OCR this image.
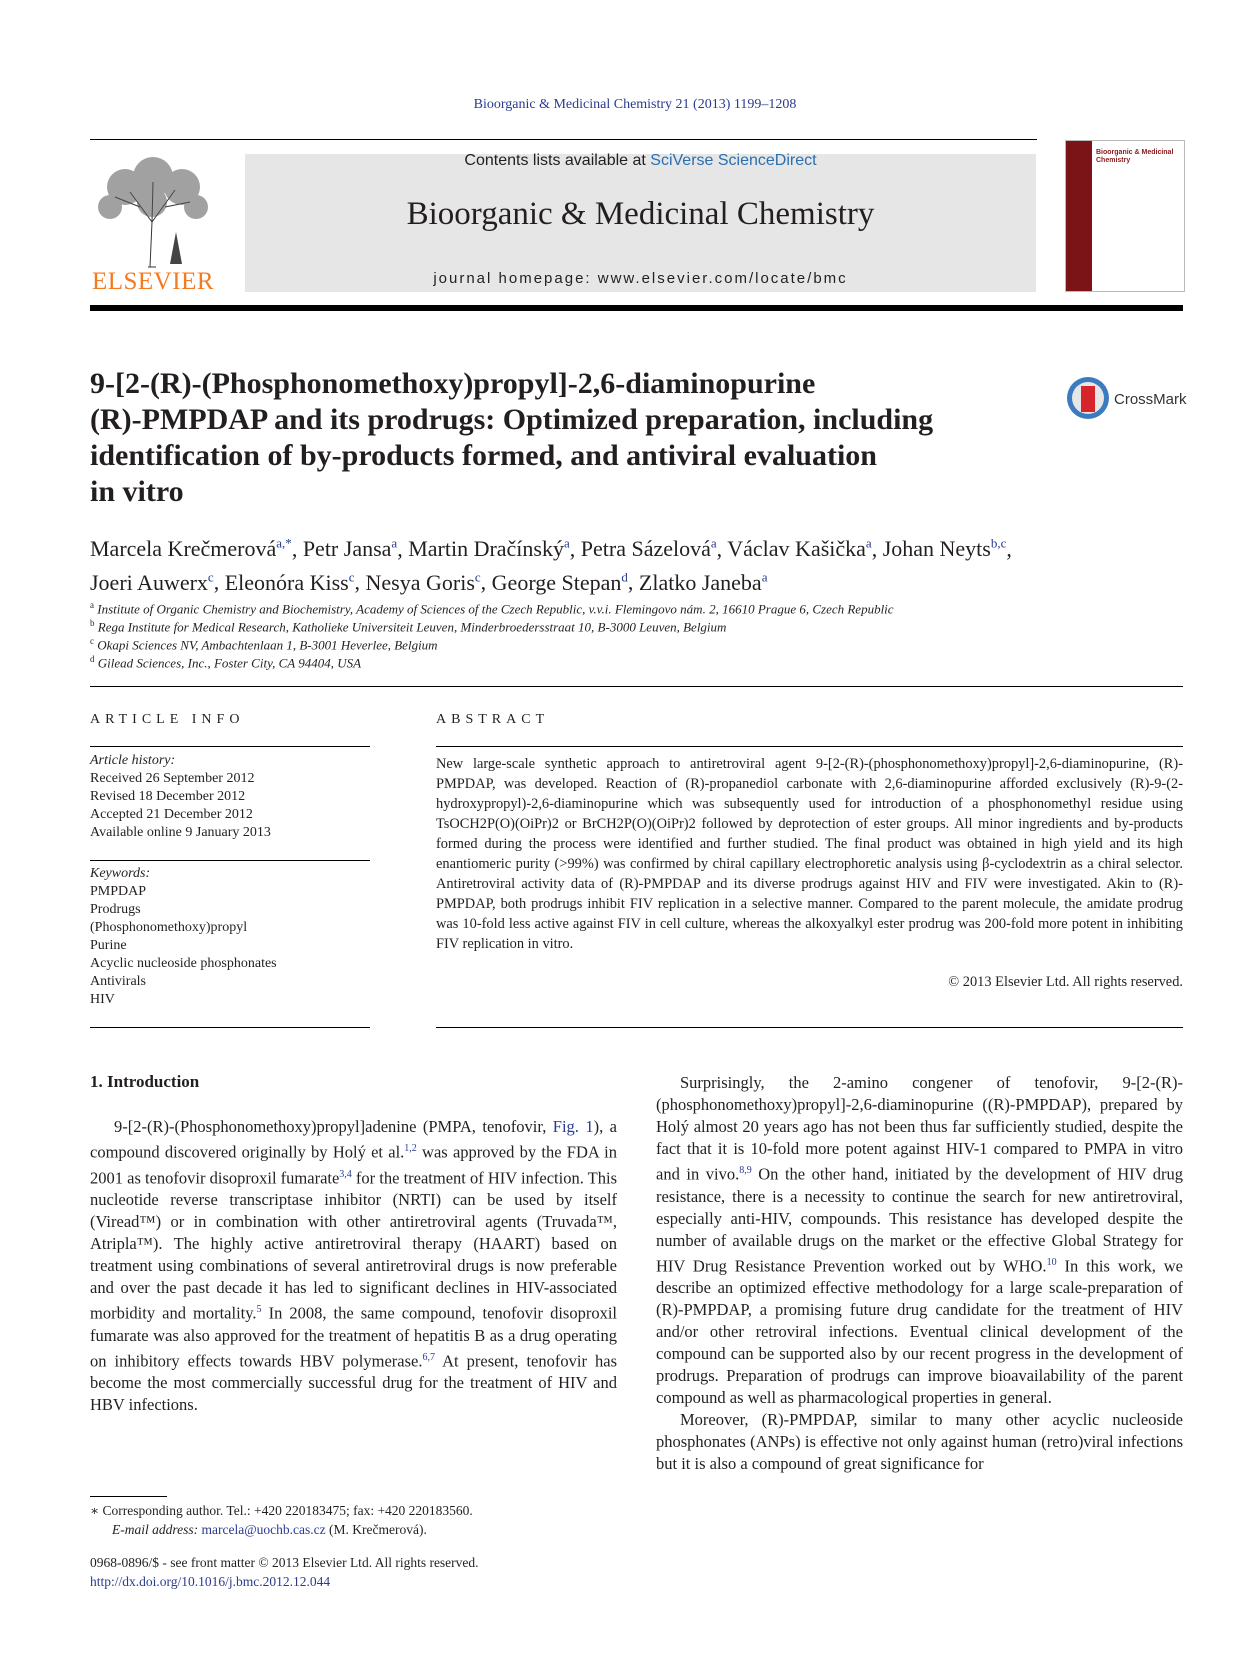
Bioorganic & Medicinal Chemistry 21 (2013) 1199–1208
ELSEVIER
Contents lists available at SciVerse ScienceDirect
Bioorganic & Medicinal Chemistry
journal homepage: www.elsevier.com/locate/bmc
Bioorganic & Medicinal Chemistry
9-[2-(R)-(Phosphonomethoxy)propyl]-2,6-diaminopurine
(R)-PMPDAP and its prodrugs: Optimized preparation, including
identification of by-products formed, and antiviral evaluation
in vitro
CrossMark
Marcela Krečmerová$^{a,*}$, Petr Jansa$^a$, Martin Dračínský$^a$, Petra Sázelová$^a$, Václav Kašička$^a$, Johan Neyts$^{b,c}$,
Joeri Auwerx$^c$, Eleonóra Kiss$^c$, Nesya Goris$^c$, George Stepan$^d$, Zlatko Janeba$^a$
$^a$ Institute of Organic Chemistry and Biochemistry, Academy of Sciences of the Czech Republic, v.v.i. Flemingovo nám. 2, 16610 Prague 6, Czech Republic
$^b$ Rega Institute for Medical Research, Katholieke Universiteit Leuven, Minderbroedersstraat 10, B-3000 Leuven, Belgium
$^c$ Okapi Sciences NV, Ambachtenlaan 1, B-3001 Heverlee, Belgium
$^d$ Gilead Sciences, Inc., Foster City, CA 94404, USA
ARTICLE INFO
Article history:
Received 26 September 2012
Revised 18 December 2012
Accepted 21 December 2012
Available online 9 January 2013
Keywords:
PMPDAP
Prodrugs
(Phosphonomethoxy)propyl
Purine
Acyclic nucleoside phosphonates
Antivirals
HIV
ABSTRACT
New large-scale synthetic approach to antiretroviral agent 9-[2-(R)-(phosphonomethoxy)propyl]-2,6-diaminopurine, (R)-PMPDAP, was developed. Reaction of (R)-propanediol carbonate with 2,6-diaminopurine afforded exclusively (R)-9-(2-hydroxypropyl)-2,6-diaminopurine which was subsequently used for introduction of a phosphonomethyl residue using TsOCH2P(O)(OiPr)2 or BrCH2P(O)(OiPr)2 followed by deprotection of ester groups. All minor ingredients and by-products formed during the process were identified and further studied. The final product was obtained in high yield and its high enantiomeric purity (>99%) was confirmed by chiral capillary electrophoretic analysis using β-cyclodextrin as a chiral selector. Antiretroviral activity data of (R)-PMPDAP and its diverse prodrugs against HIV and FIV were investigated. Akin to (R)-PMPDAP, both prodrugs inhibit FIV replication in a selective manner. Compared to the parent molecule, the amidate prodrug was 10-fold less active against FIV in cell culture, whereas the alkoxyalkyl ester prodrug was 200-fold more potent in inhibiting FIV replication in vitro.
© 2013 Elsevier Ltd. All rights reserved.
1. Introduction

9-[2-(R)-(Phosphonomethoxy)propyl]adenine (PMPA, tenofovir, Fig. 1), a compound discovered originally by Holý et al.$^{1,2}$ was approved by the FDA in 2001 as tenofovir disoproxil fumarate$^{3,4}$ for the treatment of HIV infection. This nucleotide reverse transcriptase inhibitor (NRTI) can be used by itself (Viread™) or in combination with other antiretroviral agents (Truvada™, Atripla™). The highly active antiretroviral therapy (HAART) based on treatment using combinations of several antiretroviral drugs is now preferable and over the past decade it has led to significant declines in HIV-associated morbidity and mortality.$^5$ In 2008, the same compound, tenofovir disoproxil fumarate was also approved for the treatment of hepatitis B as a drug operating on inhibitory effects towards HBV polymerase.$^{6,7}$ At present, tenofovir has become the most commercially successful drug for the treatment of HIV and HBV infections.

Surprisingly, the 2-amino congener of tenofovir, 9-[2-(R)-(phosphonomethoxy)propyl]-2,6-diaminopurine ((R)-PMPDAP), prepared by Holý almost 20 years ago has not been thus far sufficiently studied, despite the fact that it is 10-fold more potent against HIV-1 compared to PMPA in vitro and in vivo.$^{8,9}$ On the other hand, initiated by the development of HIV drug resistance, there is a necessity to continue the search for new antiretroviral, especially anti-HIV, compounds. This resistance has developed despite the number of available drugs on the market or the effective Global Strategy for HIV Drug Resistance Prevention worked out by WHO.$^{10}$ In this work, we describe an optimized effective methodology for a large scale-preparation of (R)-PMPDAP, a promising future drug candidate for the treatment of HIV and/or other retroviral infections. Eventual clinical development of the compound can be supported also by our recent progress in the development of prodrugs. Preparation of prodrugs can improve bioavailability of the parent compound as well as pharmacological properties in general.

Moreover, (R)-PMPDAP, similar to many other acyclic nucleoside phosphonates (ANPs) is effective not only against human (retro)viral infections but it is also a compound of great significance for

∗ Corresponding author. Tel.: +420 220183475; fax: +420 220183560.
E-mail address: marcela@uochb.cas.cz (M. Krečmerová).
0968-0896/$ - see front matter © 2013 Elsevier Ltd. All rights reserved.
http://dx.doi.org/10.1016/j.bmc.2012.12.044
